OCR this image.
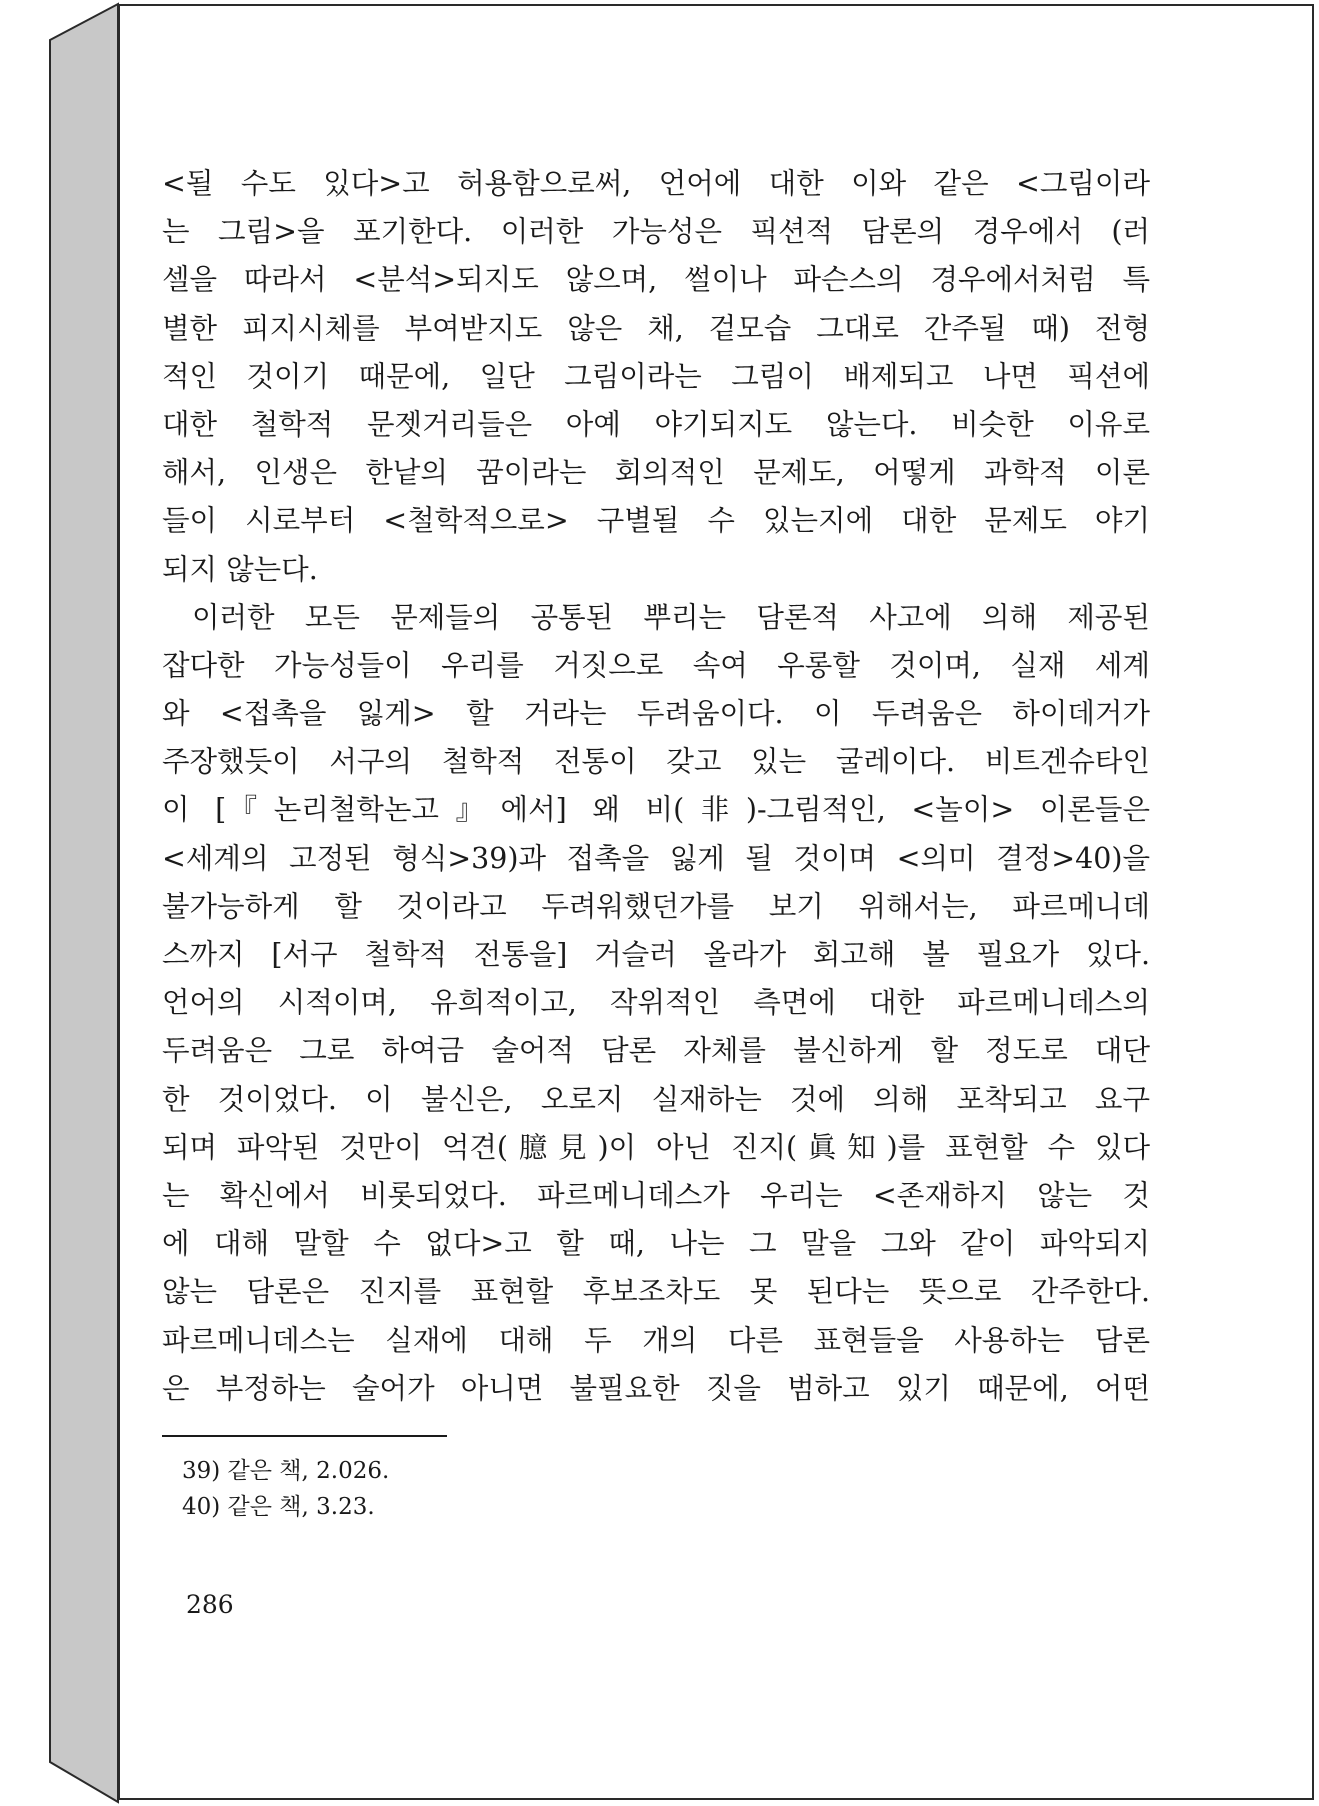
<될 수도 있다>고 허용함으로써, 언어에 대한 이와 같은 <그림이라
는 그림>을 포기한다. 이러한 가능성은 픽션적 담론의 경우에서 (러
셀을 따라서 <분석>되지도 않으며, 썰이나 파슨스의 경우에서처럼 특
별한 피지시체를 부여받지도 않은 채, 겉모습 그대로 간주될 때) 전형
적인 것이기 때문에, 일단 그림이라는 그림이 배제되고 나면 픽션에
대한 철학적 문젯거리들은 아예 야기되지도 않는다. 비슷한 이유로
해서, 인생은 한낱의 꿈이라는 회의적인 문제도, 어떻게 과학적 이론
들이 시로부터 <철학적으로> 구별될 수 있는지에 대한 문제도 야기
되지 않는다.
이러한 모든 문제들의 공통된 뿌리는 담론적 사고에 의해 제공된
잡다한 가능성들이 우리를 거짓으로 속여 우롱할 것이며, 실재 세계
와 <접촉을 잃게> 할 거라는 두려움이다. 이 두려움은 하이데거가
주장했듯이 서구의 철학적 전통이 갖고 있는 굴레이다. 비트겐슈타인
이 [『논리철학논고』에서] 왜 비(非)-그림적인, <놀이> 이론들은
<세계의 고정된 형식>39)과 접촉을 잃게 될 것이며 <의미 결정>40)을
불가능하게 할 것이라고 두려워했던가를 보기 위해서는, 파르메니데
스까지 [서구 철학적 전통을] 거슬러 올라가 회고해 볼 필요가 있다.
언어의 시적이며, 유희적이고, 작위적인 측면에 대한 파르메니데스의
두려움은 그로 하여금 술어적 담론 자체를 불신하게 할 정도로 대단
한 것이었다. 이 불신은, 오로지 실재하는 것에 의해 포착되고 요구
되며 파악된 것만이 억견(臆見)이 아닌 진지(眞知)를 표현할 수 있다
는 확신에서 비롯되었다. 파르메니데스가 우리는 <존재하지 않는 것
에 대해 말할 수 없다>고 할 때, 나는 그 말을 그와 같이 파악되지
않는 담론은 진지를 표현할 후보조차도 못 된다는 뜻으로 간주한다.
파르메니데스는 실재에 대해 두 개의 다른 표현들을 사용하는 담론
은 부정하는 술어가 아니면 불필요한 짓을 범하고 있기 때문에, 어떤
39) 같은 책, 2.026.
40) 같은 책, 3.23.
286
